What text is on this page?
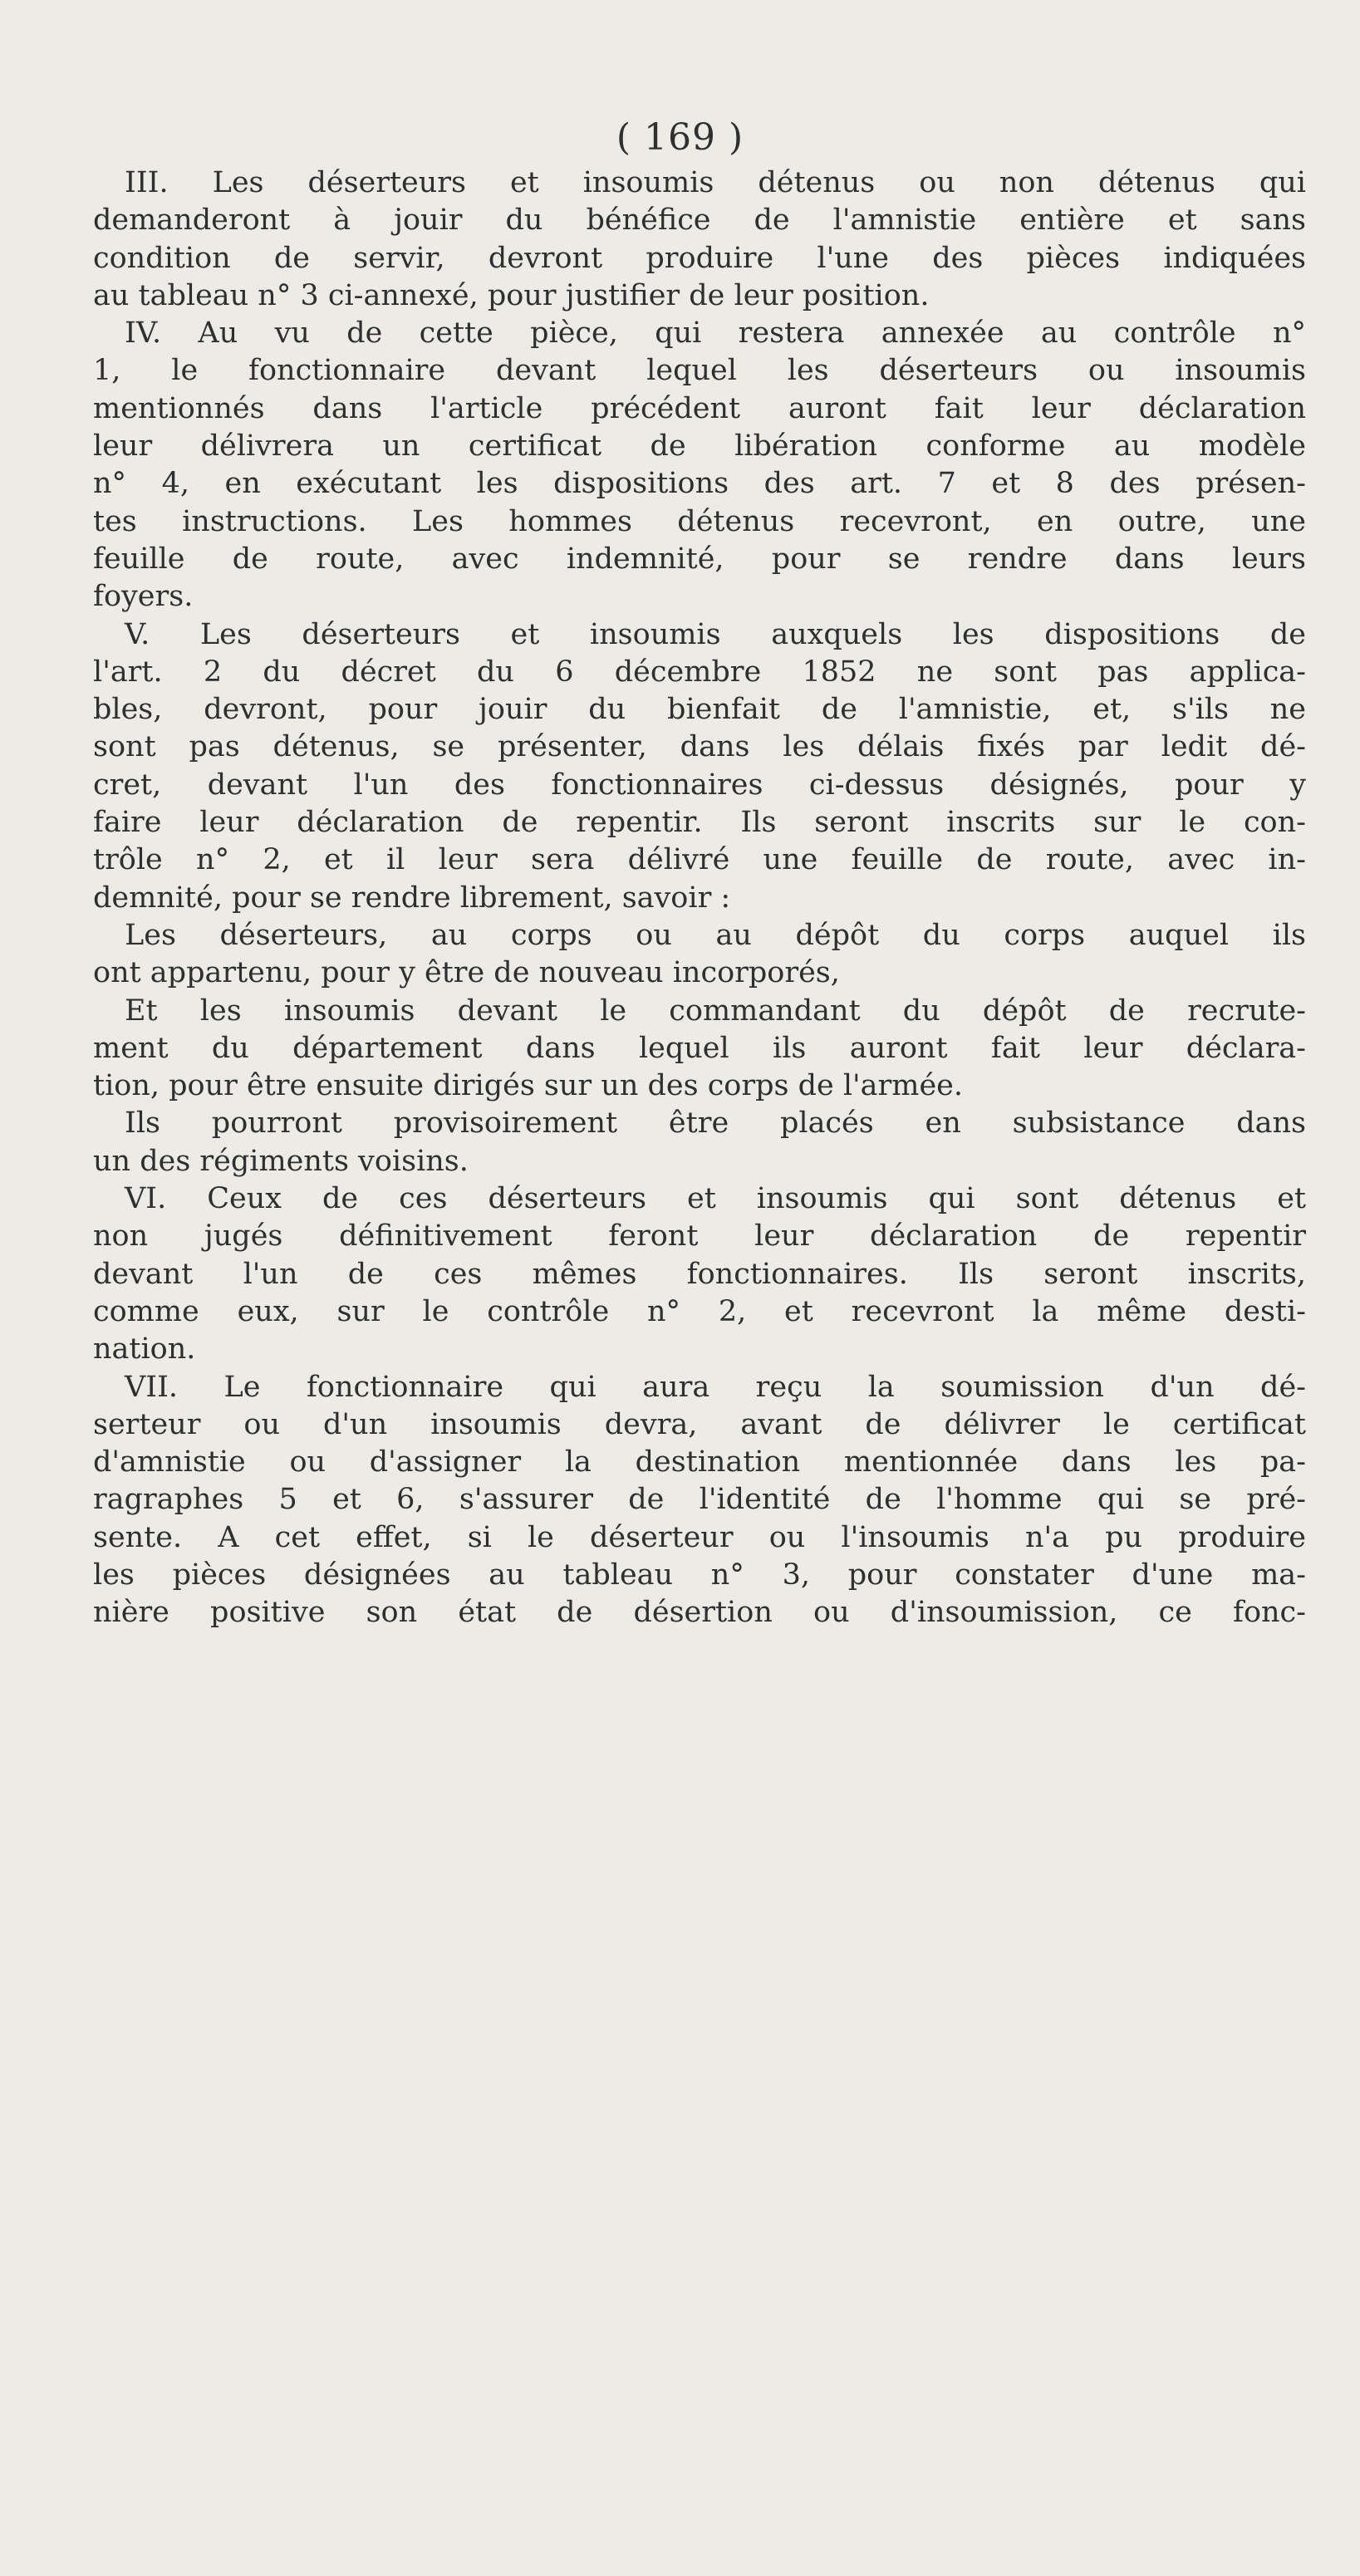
( 169 )
III. Les déserteurs et insoumis détenus ou non détenus qui
demanderont à jouir du bénéfice de l'amnistie entière et sans
condition de servir, devront produire l'une des pièces indiquées
au tableau n° 3 ci-annexé, pour justifier de leur position.
IV. Au vu de cette pièce, qui restera annexée au contrôle n°
1, le fonctionnaire devant lequel les déserteurs ou insoumis
mentionnés dans l'article précédent auront fait leur déclaration
leur délivrera un certificat de libération conforme au modèle
n° 4, en exécutant les dispositions des art. 7 et 8 des présen-
tes instructions. Les hommes détenus recevront, en outre, une
feuille de route, avec indemnité, pour se rendre dans leurs
foyers.
V. Les déserteurs et insoumis auxquels les dispositions de
l'art. 2 du décret du 6 décembre 1852 ne sont pas applica-
bles, devront, pour jouir du bienfait de l'amnistie, et, s'ils ne
sont pas détenus, se présenter, dans les délais fixés par ledit dé-
cret, devant l'un des fonctionnaires ci-dessus désignés, pour y
faire leur déclaration de repentir. Ils seront inscrits sur le con-
trôle n° 2, et il leur sera délivré une feuille de route, avec in-
demnité, pour se rendre librement, savoir :
Les déserteurs, au corps ou au dépôt du corps auquel ils
ont appartenu, pour y être de nouveau incorporés,
Et les insoumis devant le commandant du dépôt de recrute-
ment du département dans lequel ils auront fait leur déclara-
tion, pour être ensuite dirigés sur un des corps de l'armée.
Ils pourront provisoirement être placés en subsistance dans
un des régiments voisins.
VI. Ceux de ces déserteurs et insoumis qui sont détenus et
non jugés définitivement feront leur déclaration de repentir
devant l'un de ces mêmes fonctionnaires. Ils seront inscrits,
comme eux, sur le contrôle n° 2, et recevront la même desti-
nation.
VII. Le fonctionnaire qui aura reçu la soumission d'un dé-
serteur ou d'un insoumis devra, avant de délivrer le certificat
d'amnistie ou d'assigner la destination mentionnée dans les pa-
ragraphes 5 et 6, s'assurer de l'identité de l'homme qui se pré-
sente. A cet effet, si le déserteur ou l'insoumis n'a pu produire
les pièces désignées au tableau n° 3, pour constater d'une ma-
nière positive son état de désertion ou d'insoumission, ce fonc-
